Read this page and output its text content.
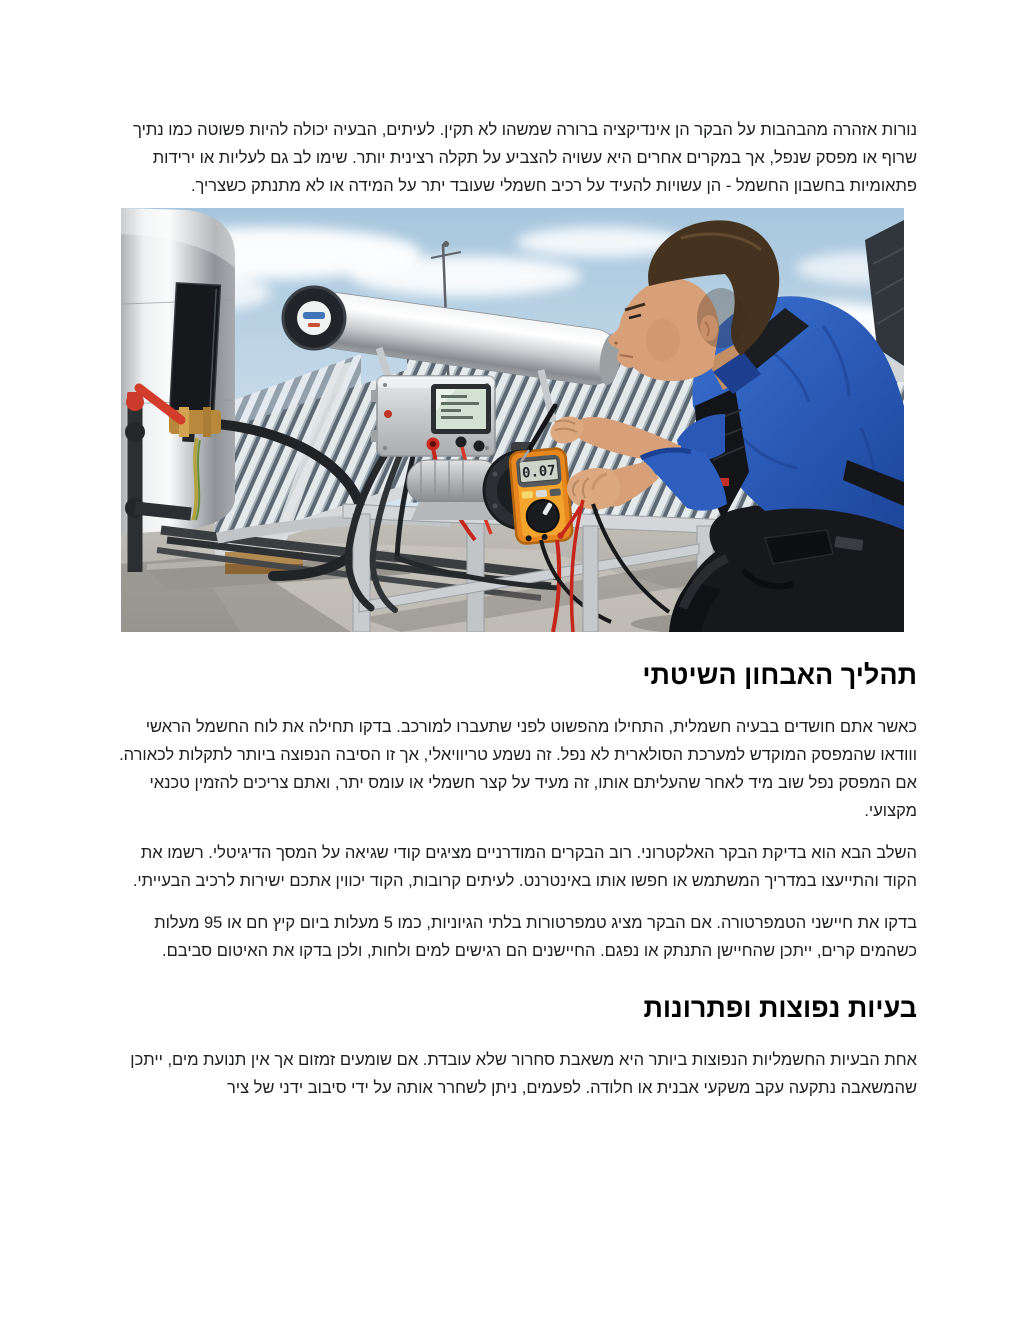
נורות אזהרה מהבהבות על הבקר הן אינדיקציה ברורה שמשהו לא תקין. לעיתים, הבעיה יכולה להיות פשוטה כמו נתיך שרוף או מפסק שנפל, אך במקרים אחרים היא עשויה להצביע על תקלה רצינית יותר. שימו לב גם לעליות או ירידות פתאומיות בחשבון החשמל - הן עשויות להעיד על רכיב חשמלי שעובד יתר על המידה או לא מתנתק כשצריך.

0.07
תהליך האבחון השיטתי

כאשר אתם חושדים בבעיה חשמלית, התחילו מהפשוט לפני שתעברו למורכב. בדקו תחילה את לוח החשמל הראשי ווודאו שהמפסק המוקדש למערכת הסולארית לא נפל. זה נשמע טריוויאלי, אך זו הסיבה הנפוצה ביותר לתקלות לכאורה. אם המפסק נפל שוב מיד לאחר שהעליתם אותו, זה מעיד על קצר חשמלי או עומס יתר, ואתם צריכים להזמין טכנאי מקצועי.

השלב הבא הוא בדיקת הבקר האלקטרוני. רוב הבקרים המודרניים מציגים קודי שגיאה על המסך הדיגיטלי. רשמו את הקוד והתייעצו במדריך המשתמש או חפשו אותו באינטרנט. לעיתים קרובות, הקוד יכווין אתכם ישירות לרכיב הבעייתי.

בדקו את חיישני הטמפרטורה. אם הבקר מציג טמפרטורות בלתי הגיוניות, כמו 5 מעלות ביום קיץ חם או 95 מעלות כשהמים קרים, ייתכן שהחיישן התנתק או נפגם. החיישנים הם רגישים למים ולחות, ולכן בדקו את האיטום סביבם.

בעיות נפוצות ופתרונות

אחת הבעיות החשמליות הנפוצות ביותר היא משאבת סחרור שלא עובדת. אם שומעים זמזום אך אין תנועת מים, ייתכן שהמשאבה נתקעה עקב משקעי אבנית או חלודה. לפעמים, ניתן לשחרר אותה על ידי סיבוב ידני של ציר
